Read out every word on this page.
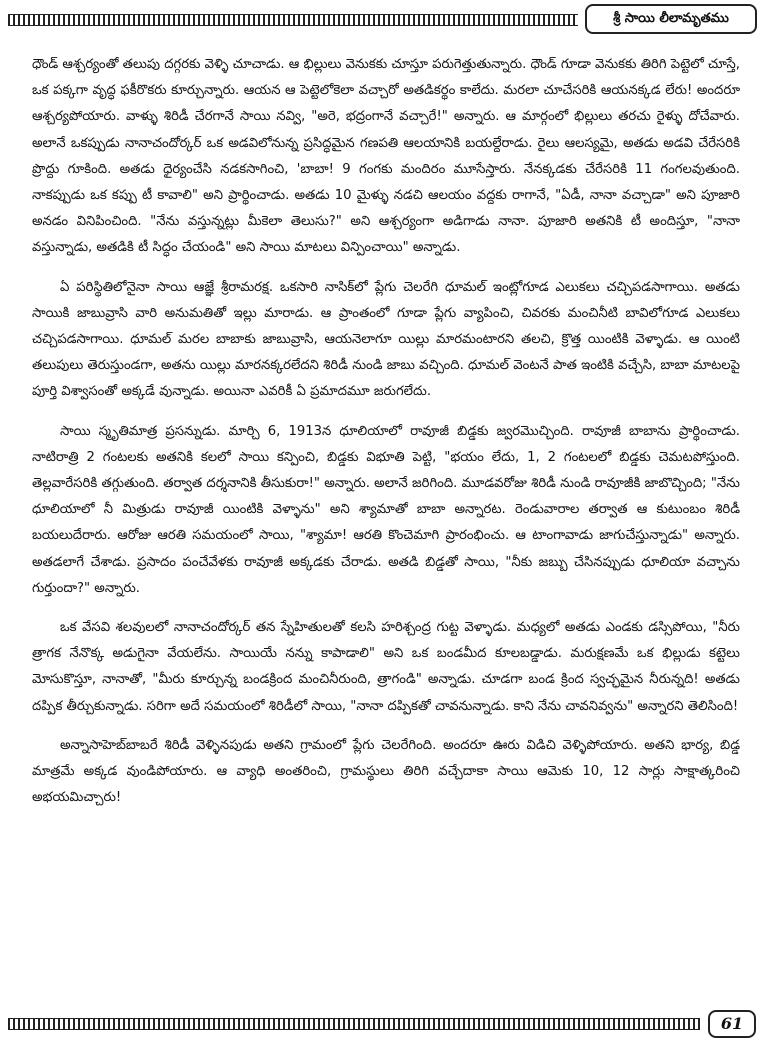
శ్రీ సాయి లీలామృతము

ధౌండ్ ఆశ్చర్యంతో తలుపు దగ్గరకు వెళ్ళి చూచాడు. ఆ భిల్లులు వెనుకకు చూస్తూ పరుగెత్తుతున్నారు. ధౌండ్ గూడా వెనుకకు తిరిగి పెట్టెలో చూస్తే, ఒక పక్కగా వృద్ధ ఫకీరొకరు కూర్చున్నారు. ఆయన ఆ పెట్టెలోకెలా వచ్చారో అతడికర్థం కాలేదు. మరలా చూచేసరికి ఆయనక్కడ లేరు! అందరూ ఆశ్చర్యపోయారు. వాళ్ళు శిరిడీ చేరగానే సాయి నవ్వి, "అరె, భద్రంగానే వచ్చారే!" అన్నారు. ఆ మార్గంలో భిల్లులు తరచు రైళ్ళు దోచేవారు. అలానే ఒకప్పుడు నానాచందోర్కర్ ఒక అడవిలోనున్న ప్రసిద్ధమైన గణపతి ఆలయానికి బయల్దేరాడు. రైలు ఆలస్యమై, అతడు అడవి చేరేసరికి ప్రొద్దు గూకింది. అతడు ధైర్యంచేసి నడకసాగించి, 'బాబా! 9 గంగకు మందిరం మూసేస్తారు. నేనక్కడకు చేరేసరికి 11 గంగలవుతుంది. నాకప్పుడు ఒక కప్పు టీ కావాలి" అని ప్రార్థించాడు. అతడు 10 మైళ్ళు నడచి ఆలయం వద్దకు రాగానే, "ఏడీ, నానా వచ్చాడా" అని పూజారి అనడం వినిపించింది. "నేను వస్తున్నట్లు మీకెలా తెలుసు?" అని ఆశ్చర్యంగా అడిగాడు నానా. పూజారి అతనికి టీ అందిస్తూ, "నానా వస్తున్నాడు, అతడికి టీ సిద్ధం చేయండి" అని సాయి మాటలు విన్పించాయి" అన్నాడు.

ఏ పరిస్థితిలోనైనా సాయి ఆజ్ఞే శ్రీరామరక్ష. ఒకసారి నాసిక్‌లో ప్లేగు చెలరేగి ధూమల్ ఇంట్లోగూడ ఎలుకలు చచ్చిపడసాగాయి. అతడు సాయికి జాబువ్రాసి వారి అనుమతితో ఇల్లు మారాడు. ఆ ప్రాంతంలో గూడా ప్లేగు వ్యాపించి, చివరకు మంచినీటి బావిలోగూడ ఎలుకలు చచ్చిపడసాగాయి. ధూమల్ మరల బాబాకు జాబువ్రాసి, ఆయనెలాగూ యిల్లు మారమంటారని తలచి, క్రొత్త యింటికి వెళ్ళాడు. ఆ యింటి తలుపులు తెరుస్తుండగా, అతను యిల్లు మారనక్కరలేదని శిరిడీ నుండి జాబు వచ్చింది. ధూమల్ వెంటనే పాత ఇంటికి వచ్చేసి, బాబా మాటలపై పూర్తి విశ్వాసంతో అక్కడే వున్నాడు. అయినా ఎవరికీ ఏ ప్రమాదమూ జరుగలేదు.

సాయి స్మృతిమాత్ర ప్రసన్నుడు. మార్చి 6, 1913న ధూలియాలో రావూజీ బిడ్డకు జ్వరమొచ్చింది. రావూజీ బాబాను ప్రార్థించాడు. నాటిరాత్రి 2 గంటలకు అతనికి కలలో సాయి కన్పించి, బిడ్డకు విభూతి పెట్టి, "భయం లేదు, 1, 2 గంటలలో బిడ్డకు చెమటపోస్తుంది. తెల్లవారేసరికి తగ్గుతుంది. తర్వాత దర్శనానికి తీసుకురా!" అన్నారు. అలానే జరిగింది. మూడవరోజు శిరిడీ నుండి రావూజీకి జాబొచ్చింది; "నేను ధూలియాలో నీ మిత్రుడు రావూజీ యింటికి వెళ్ళాను" అని శ్యామాతో బాబా అన్నారట. రెండువారాల తర్వాత ఆ కుటుంబం శిరిడీ బయలుదేరారు. ఆరోజు ఆరతి సమయంలో సాయి, "శ్యామా! ఆరతి కొంచెమాగి ప్రారంభించు. ఆ టాంగావాడు జాగుచేస్తున్నాడు" అన్నారు. అతడలాగే చేశాడు. ప్రసాదం పంచేవేళకు రావూజీ అక్కడకు చేరాడు. అతడి బిడ్డతో సాయి, "నీకు జబ్బు చేసినప్పుడు ధూలియా వచ్చాను గుర్తుందా?" అన్నారు.

ఒక వేసవి శలవులలో నానాచందోర్కర్ తన స్నేహితులతో కలసి హరిశ్చంద్ర గుట్ట వెళ్ళాడు. మధ్యలో అతడు ఎండకు డస్సిపోయి, "నీరు త్రాగక నేనొక్క అడుగైనా వేయలేను. సాయియే నన్ను కాపాడాలి" అని ఒక బండమీద కూలబడ్డాడు. మరుక్షణమే ఒక భిల్లుడు కట్టెలు మోసుకొస్తూ, నానాతో, "మీరు కూర్చున్న బండక్రింద మంచినీరుంది, త్రాగండి" అన్నాడు. చూడగా బండ క్రింద స్వచ్ఛమైన నీరున్నది! అతడు దప్పిక తీర్చుకున్నాడు. సరిగా అదే సమయంలో శిరిడీలో సాయి, "నానా దప్పికతో చావనున్నాడు. కాని నేను చావనివ్వను" అన్నారని తెలిసింది!

అన్నాసాహెబ్‌బాబరే శిరిడీ వెళ్ళినపుడు అతని గ్రామంలో ప్లేగు చెలరేగింది. అందరూ ఊరు విడిచి వెళ్ళిపోయారు. అతని భార్య, బిడ్డ మాత్రమే అక్కడ వుండిపోయారు. ఆ వ్యాధి అంతరించి, గ్రామస్థులు తిరిగి వచ్చేదాకా సాయి ఆమెకు 10, 12 సార్లు సాక్షాత్కరించి అభయమిచ్చారు!

61
